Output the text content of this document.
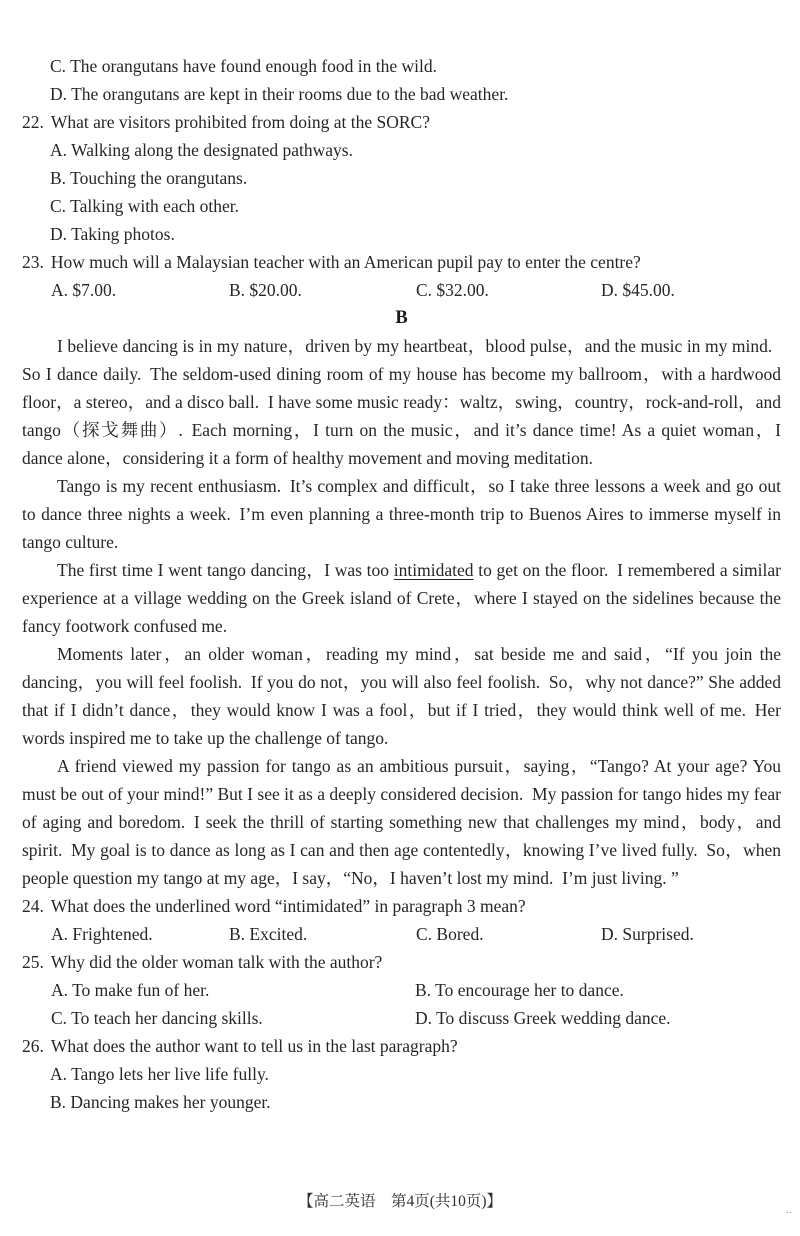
C. The orangutans have found enough food in the wild.
D. The orangutans are kept in their rooms due to the bad weather.
22. What are visitors prohibited from doing at the SORC?
A. Walking along the designated pathways.
B. Touching the orangutans.
C. Talking with each other.
D. Taking photos.
23. How much will a Malaysian teacher with an American pupil pay to enter the centre?
A. $7.00.	B. $20.00.	C. $32.00.	D. $45.00.
B

I believe dancing is in my nature，driven by my heartbeat，blood pulse，and the music in my mind. So I dance daily. The seldom-used dining room of my house has become my ballroom，with a hardwood floor，a stereo，and a disco ball. I have some music ready：waltz，swing，country，rock-and-roll，and tango（探戈舞曲）. Each morning，I turn on the music，and it’s dance time! As a quiet woman，I dance alone，considering it a form of healthy movement and moving meditation.

Tango is my recent enthusiasm. It’s complex and difficult，so I take three lessons a week and go out to dance three nights a week. I’m even planning a three-month trip to Buenos Aires to immerse myself in tango culture.

The first time I went tango dancing，I was too intimidated to get on the floor. I remembered a similar experience at a village wedding on the Greek island of Crete，where I stayed on the sidelines because the fancy footwork confused me.

Moments later，an older woman，reading my mind，sat beside me and said，“If you join the dancing，you will feel foolish. If you do not，you will also feel foolish. So，why not dance?” She added that if I didn’t dance，they would know I was a fool，but if I tried，they would think well of me. Her words inspired me to take up the challenge of tango.

A friend viewed my passion for tango as an ambitious pursuit，saying，“Tango? At your age? You must be out of your mind!” But I see it as a deeply considered decision. My passion for tango hides my fear of aging and boredom. I seek the thrill of starting something new that challenges my mind，body，and spirit. My goal is to dance as long as I can and then age contentedly，knowing I’ve lived fully. So，when people question my tango at my age，I say，“No，I haven’t lost my mind. I’m just living. ”

24. What does the underlined word “intimidated” in paragraph 3 mean?
A. Frightened.	B. Excited.	C. Bored.	D. Surprised.
25. Why did the older woman talk with the author?
A. To make fun of her.	B. To encourage her to dance.
C. To teach her dancing skills.	D. To discuss Greek wedding dance.
26. What does the author want to tell us in the last paragraph?
A. Tango lets her live life fully.
B. Dancing makes her younger.
【高二英语　第4页(共10页)】
..
